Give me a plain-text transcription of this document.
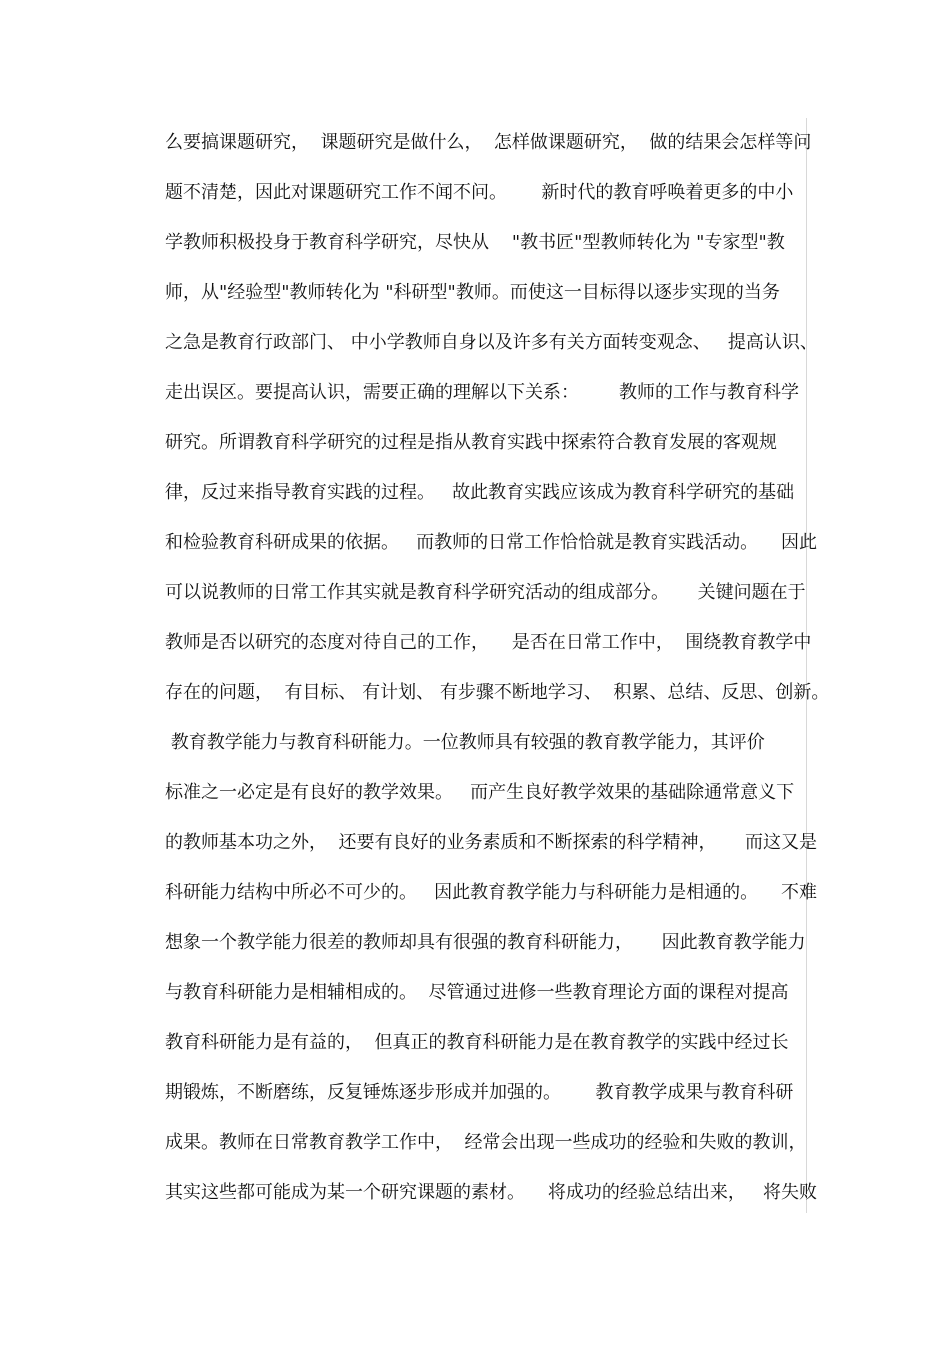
么要搞课题研究，  课题研究是做什么，  怎样做课题研究，  做的结果会怎样等问
题不清楚，因此对课题研究工作不闻不问。      新时代的教育呼唤着更多的中小
学教师积极投身于教育科学研究，尽快从    "教书匠"型教师转化为 "专家型"教
师，从"经验型"教师转化为 "科研型"教师。而使这一目标得以逐步实现的当务
之急是教育行政部门、 中小学教师自身以及许多有关方面转变观念、   提高认识、
走出误区。要提高认识，需要正确的理解以下关系：       教师的工作与教育科学
研究。所谓教育科学研究的过程是指从教育实践中探索符合教育发展的客观规
律，反过来指导教育实践的过程。   故此教育实践应该成为教育科学研究的基础
和检验教育科研成果的依据。   而教师的日常工作恰恰就是教育实践活动。    因此
可以说教师的日常工作其实就是教育科学研究活动的组成部分。     关键问题在于
教师是否以研究的态度对待自己的工作，    是否在日常工作中，  围绕教育教学中
存在的问题，  有目标、 有计划、 有步骤不断地学习、  积累、总结、反思、创新。
教育教学能力与教育科研能力。一位教师具有较强的教育教学能力，其评价
标准之一必定是有良好的教学效果。   而产生良好教学效果的基础除通常意义下
的教师基本功之外，  还要有良好的业务素质和不断探索的科学精神，     而这又是
科研能力结构中所必不可少的。   因此教育教学能力与科研能力是相通的。    不难
想象一个教学能力很差的教师却具有很强的教育科研能力，     因此教育教学能力
与教育科研能力是相辅相成的。  尽管通过进修一些教育理论方面的课程对提高
教育科研能力是有益的，  但真正的教育科研能力是在教育教学的实践中经过长
期锻炼，不断磨练，反复锤炼逐步形成并加强的。      教育教学成果与教育科研
成果。教师在日常教育教学工作中，  经常会出现一些成功的经验和失败的教训，
其实这些都可能成为某一个研究课题的素材。    将成功的经验总结出来，   将失败
